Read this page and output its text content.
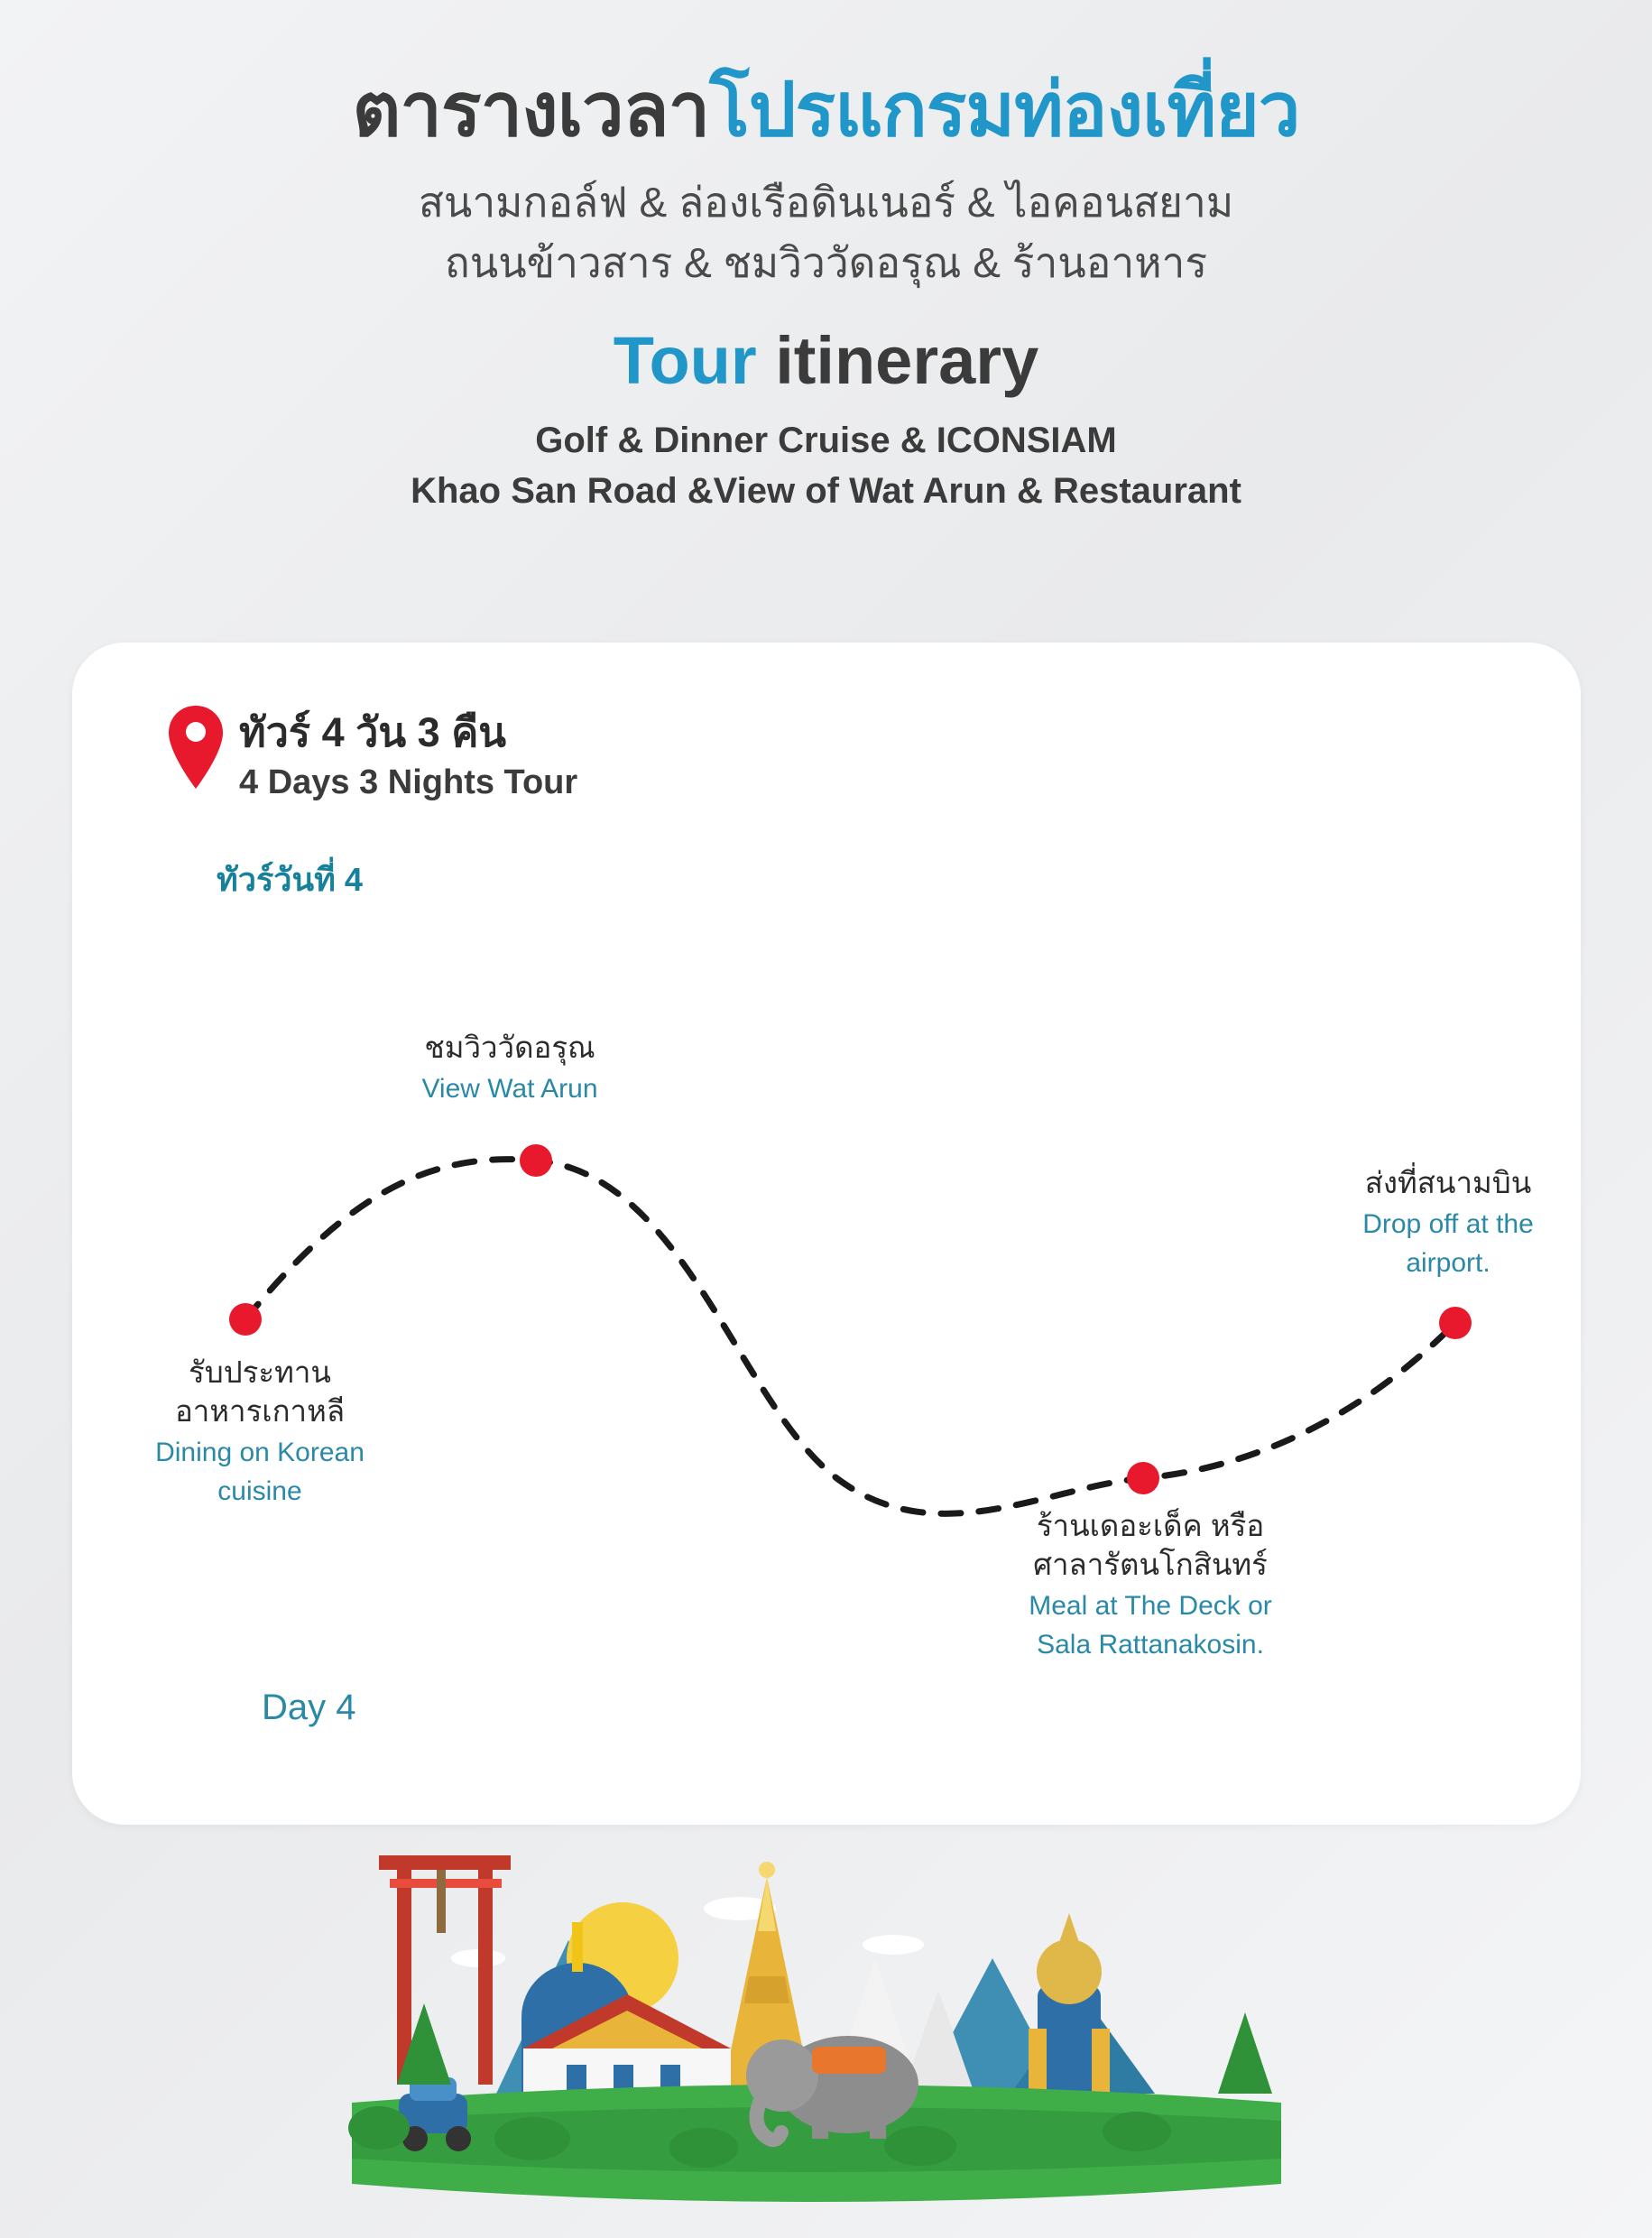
ตารางเวลาโปรแกรมท่องเที่ยว
สนามกอล์ฟ & ล่องเรือดินเนอร์ & ไอคอนสยาม
ถนนข้าวสาร & ชมวิววัดอรุณ & ร้านอาหาร
Tour itinerary
Golf & Dinner Cruise & ICONSIAM
Khao San Road &View of Wat Arun & Restaurant
ทัวร์ 4 วัน 3 คืน
4 Days 3 Nights Tour
ทัวร์วันที่ 4
Day 4
รับประทาน
อาหารเกาหลี
Dining on Korean
cuisine
ชมวิววัดอรุณ
View Wat Arun
ร้านเดอะเด็ค หรือ
ศาลารัตนโกสินทร์
Meal at The Deck or
Sala Rattanakosin.
ส่งที่สนามบิน
Drop off at the
airport.
